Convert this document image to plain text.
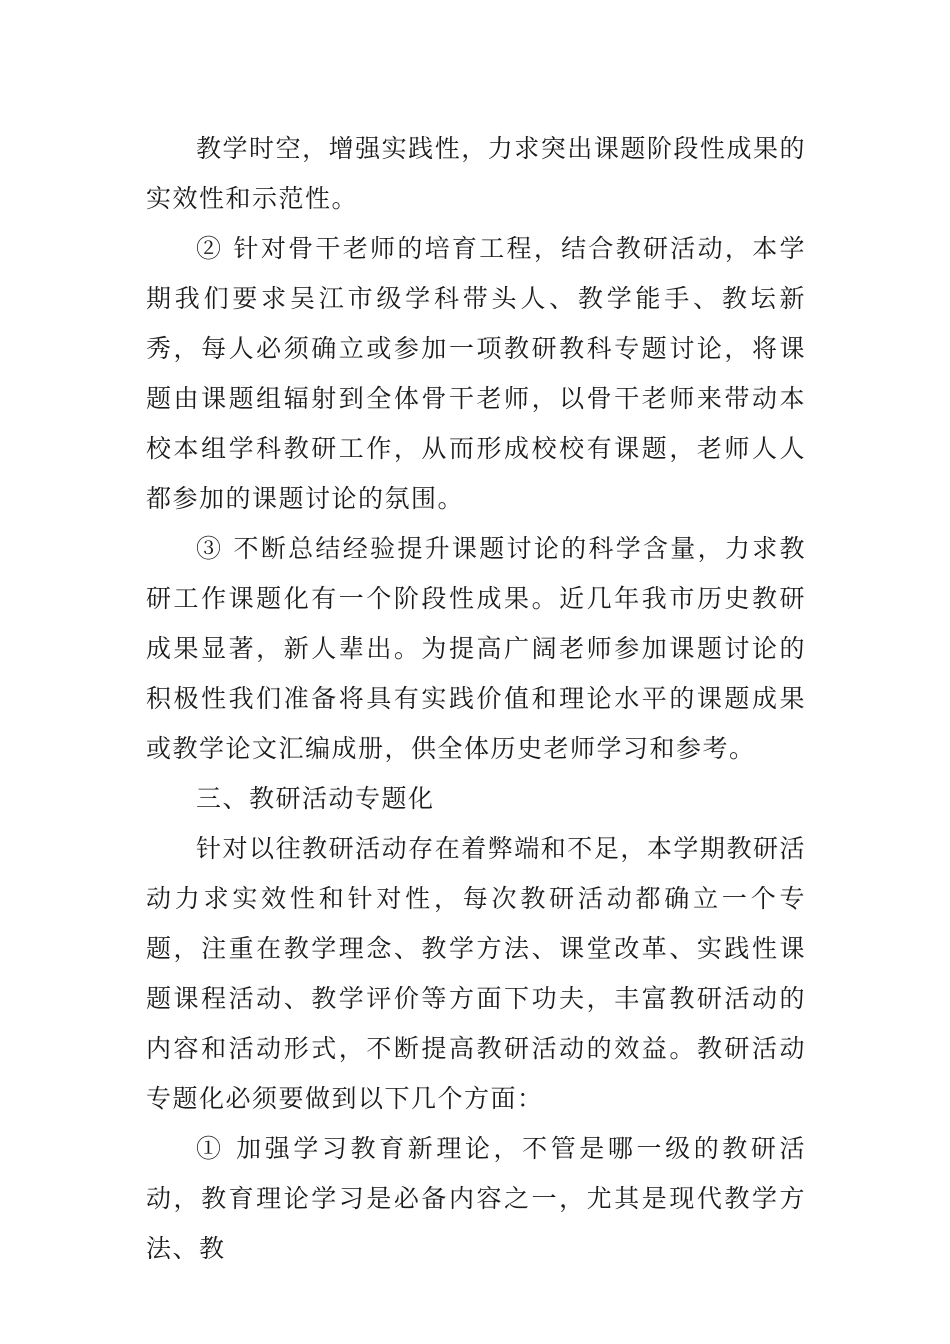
教学时空，增强实践性，力求突出课题阶段性成果的实效性和示范性。

② 针对骨干老师的培育工程，结合教研活动，本学期我们要求吴江市级学科带头人、教学能手、教坛新秀，每人必须确立或参加一项教研教科专题讨论，将课题由课题组辐射到全体骨干老师，以骨干老师来带动本校本组学科教研工作，从而形成校校有课题，老师人人都参加的课题讨论的氛围。

③ 不断总结经验提升课题讨论的科学含量，力求教研工作课题化有一个阶段性成果。近几年我市历史教研成果显著，新人辈出。为提高广阔老师参加课题讨论的积极性我们准备将具有实践价值和理论水平的课题成果或教学论文汇编成册，供全体历史老师学习和参考。

三、教研活动专题化

针对以往教研活动存在着弊端和不足，本学期教研活动力求实效性和针对性，每次教研活动都确立一个专题，注重在教学理念、教学方法、课堂改革、实践性课题课程活动、教学评价等方面下功夫，丰富教研活动的内容和活动形式，不断提高教研活动的效益。教研活动专题化必须要做到以下几个方面：

① 加强学习教育新理论，不管是哪一级的教研活动，教育理论学习是必备内容之一，尤其是现代教学方法、教
